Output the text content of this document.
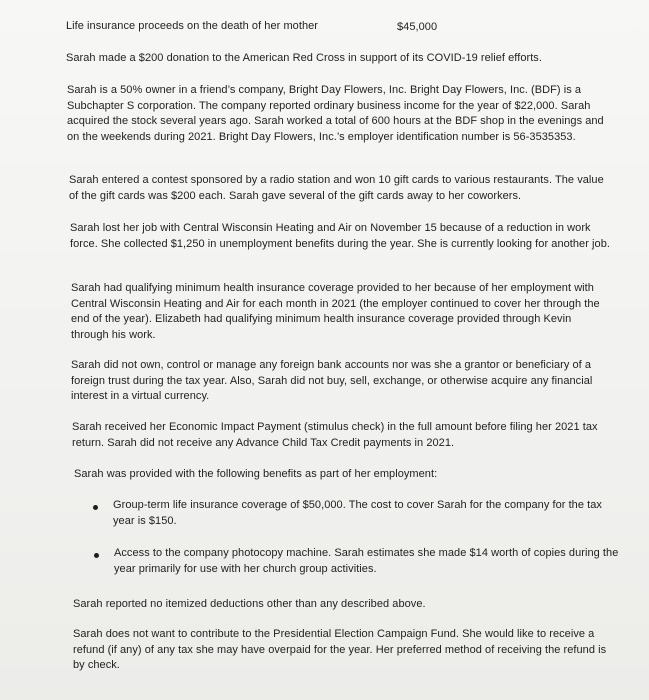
Life insurance proceeds on the death of her mother	$45,000

Sarah made a $200 donation to the American Red Cross in support of its COVID-19 relief efforts.

Sarah is a 50% owner in a friend’s company, Bright Day Flowers, Inc. Bright Day Flowers, Inc. (BDF) is a Subchapter S corporation. The company reported ordinary business income for the year of $22,000. Sarah acquired the stock several years ago. Sarah worked a total of 600 hours at the BDF shop in the evenings and on the weekends during 2021. Bright Day Flowers, Inc.’s employer identification number is 56-3535353.

Sarah entered a contest sponsored by a radio station and won 10 gift cards to various restaurants. The value of the gift cards was $200 each. Sarah gave several of the gift cards away to her coworkers.

Sarah lost her job with Central Wisconsin Heating and Air on November 15 because of a reduction in work force. She collected $1,250 in unemployment benefits during the year. She is currently looking for another job.

Sarah had qualifying minimum health insurance coverage provided to her because of her employment with Central Wisconsin Heating and Air for each month in 2021 (the employer continued to cover her through the end of the year). Elizabeth had qualifying minimum health insurance coverage provided through Kevin through his work.

Sarah did not own, control or manage any foreign bank accounts nor was she a grantor or beneficiary of a foreign trust during the tax year. Also, Sarah did not buy, sell, exchange, or otherwise acquire any financial interest in a virtual currency.

Sarah received her Economic Impact Payment (stimulus check) in the full amount before filing her 2021 tax return. Sarah did not receive any Advance Child Tax Credit payments in 2021.

Sarah was provided with the following benefits as part of her employment:

Group-term life insurance coverage of $50,000. The cost to cover Sarah for the company for the tax year is $150.

Access to the company photocopy machine. Sarah estimates she made $14 worth of copies during the year primarily for use with her church group activities.

Sarah reported no itemized deductions other than any described above.

Sarah does not want to contribute to the Presidential Election Campaign Fund. She would like to receive a refund (if any) of any tax she may have overpaid for the year. Her preferred method of receiving the refund is by check.
